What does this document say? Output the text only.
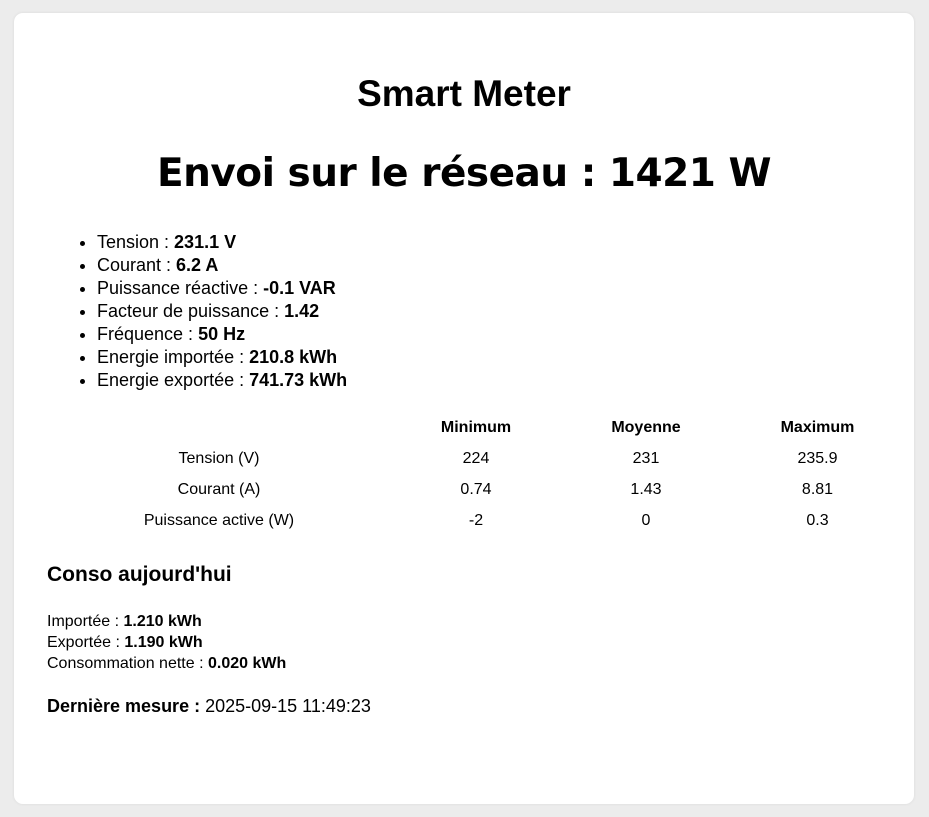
Smart Meter
Envoi sur le réseau : 1421 W
• Tension : 231.1 V
• Courant : 6.2 A
• Puissance réactive : -0.1 VAR
• Facteur de puissance : 1.42
• Fréquence : 50 Hz
• Energie importée : 210.8 kWh
• Energie exportée : 741.73 kWh
	Minimum	Moyenne	Maximum
Tension (V)	224	231	235.9
Courant (A)	0.74	1.43	8.81
Puissance active (W)	-2	0	0.3
Conso aujourd'hui
Importée : 1.210 kWh
Exportée : 1.190 kWh
Consommation nette : 0.020 kWh
Dernière mesure : 2025-09-15 11:49:23
